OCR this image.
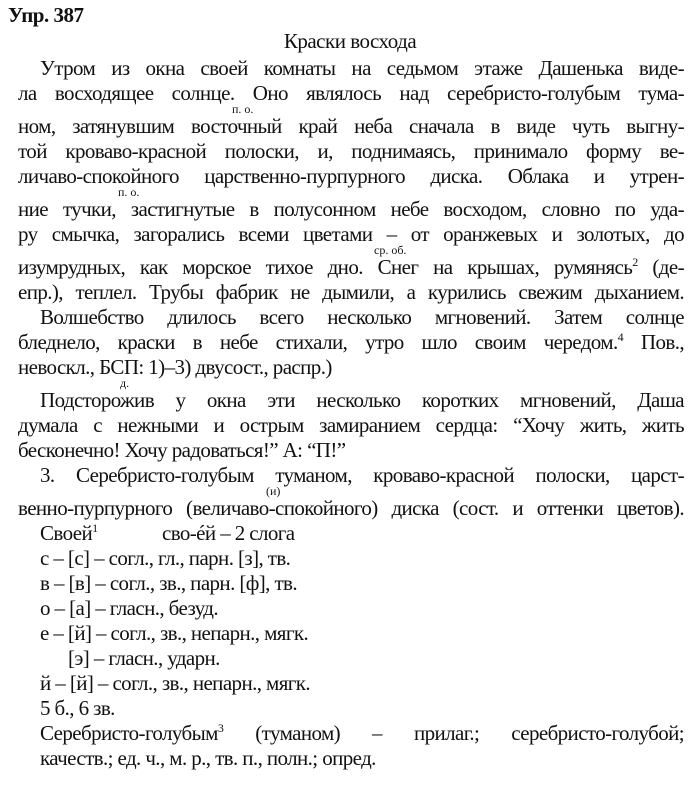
Упр. 387
Краски восхода
Утром из окна своей комнаты на седьмом этаже Дашенька виде-
ла восходящее солнце. Оно являлось над серебристо-голубым тума-
п. о.
ном, затянувшим восточный край неба сначала в виде чуть выгну-
той кроваво-красной полоски, и, поднимаясь, принимало форму ве-
личаво-спокойного царственно-пурпурного диска. Облака и утрен-
п. о.
ние тучки, застигнутые в полусонном небе восходом, словно по уда-
ру смычка, загорались всеми цветами – от оранжевых и золотых, до
ср. об.
изумрудных, как морское тихое дно. Снег на крышах, румянясь$^2$ (де-
епр.), теплел. Трубы фабрик не дымили, а курились свежим дыханием.
Волшебство длилось всего несколько мгновений. Затем солнце
бледнело, краски в небе стихали, утро шло своим чередом.$^4$ Пов.,
невоскл., БСП: 1)–3) двусост., распр.)
д.
Подсторожив у окна эти несколько коротких мгновений, Даша
думала с нежными и острым замиранием сердца: “Хочу жить, жить
бесконечно! Хочу радоваться!” А: “П!”
3. Серебристо-голубым туманом, кроваво-красной полоски, царст-
(и)
венно-пурпурного (величаво-спокойного) диска (сост. и оттенки цветов).
Своей$^1$	сво-éй – 2 слога
с – [с] – согл., гл., парн. [з], тв.
в – [в] – согл., зв., парн. [ф], тв.
о – [а] – гласн., безуд.
е – [й] – согл., зв., непарн., мягк.
[э] – гласн., ударн.
й – [й] – согл., зв., непарн., мягк.
5 б., 6 зв.
Серебристо-голубым$^3$ (туманом) – прилаг.; серебристо-голубой;
качеств.; ед. ч., м. р., тв. п., полн.; опред.
